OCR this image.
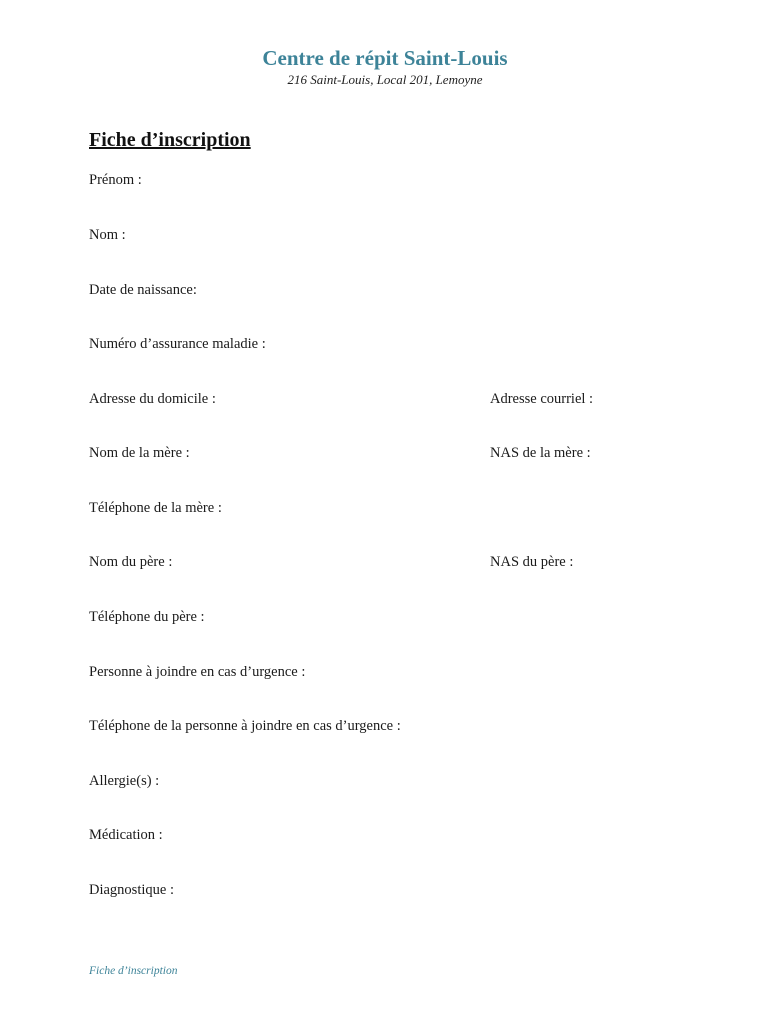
Centre de répit Saint-Louis
216 Saint-Louis, Local 201, Lemoyne
Fiche d’inscription
Prénom :
Nom :
Date de naissance:
Numéro d’assurance maladie :
Adresse du domicile :	Adresse courriel :
Nom de la mère :	NAS de la mère :
Téléphone de la mère :
Nom du père :	NAS du père :
Téléphone du père :
Personne à joindre en cas d’urgence :
Téléphone de la personne à joindre en cas d’urgence :
Allergie(s) :
Médication :
Diagnostique :
Fiche d’inscription
